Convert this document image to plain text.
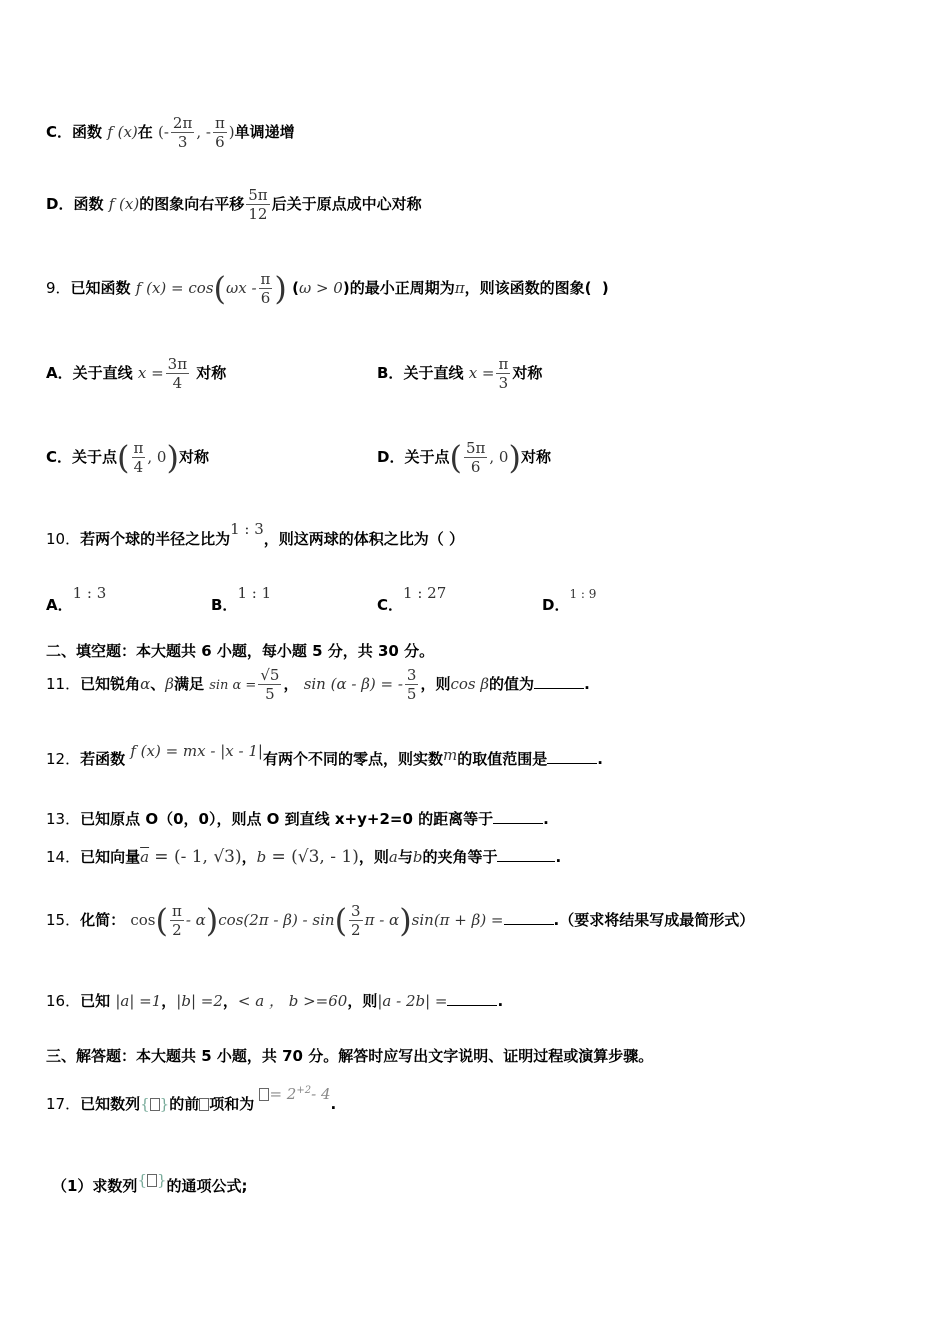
C．函数 f (x)在 (- $\frac{2\pi}{3}$ , - $\frac{\pi}{6}$ )单调递增
D．函数 f (x)的图象向右平移 $\frac{5\pi}{12}$ 后关于原点成中心对称
9．已知函数 f $(x) = \cos(\omega x - \frac{\pi}{6}$ ) (ω > 0)的最小正周期为π，则该函数的图象( )
A．关于直线 $x = \frac{3\pi}{4}$ 对称	B．关于直线 $x = \frac{\pi}{3}$ 对称
C．关于点( $\frac{\pi}{4}$ , 0)对称	D．关于点( $\frac{5\pi}{6}$ , 0)对称
10．若两个球的半径之比为1 : 3，则这两球的体积之比为（ ）
A．1 : 3
B．1 : 1
C．1 : 27
D．1 : 9
二、填空题：本大题共 6 小题，每小题 5 分，共 30 分。
11．已知锐角α、β满足 $\sin \alpha = \frac{√5}{5}$ ， sin (α - β) = - $\frac{3}{5}$ ，则cos β的值为	.
12．若函数 f (x) = mx - |x - 1|有两个不同的零点，则实数m的取值范围是	.
13．已知原点 O（0，0），则点 O 到直线 x+y+2=0 的距离等于	.
14．已知向量$\overline{a}$ = (- 1, √3)，b = (√3, - 1)，则a与b的夹角等于	.
15．化简： $\cos( \frac{\pi}{2} - \alpha)\cos(2\pi - \beta) - \sin( \frac{3}{2}$ π - α)sin(π + β) =	.（要求将结果写成最简形式）
16．已知 |a| =1，|b| =2，< a ， b >=60，则|a - 2b| =	.
三、解答题：本大题共 5 小题，共 70 分。解答时应写出文字说明、证明过程或演算步骤。
17．已知数列{ }的前 项和为 = $2^{+2}-$ 4.
（1）求数列{ }的通项公式;
